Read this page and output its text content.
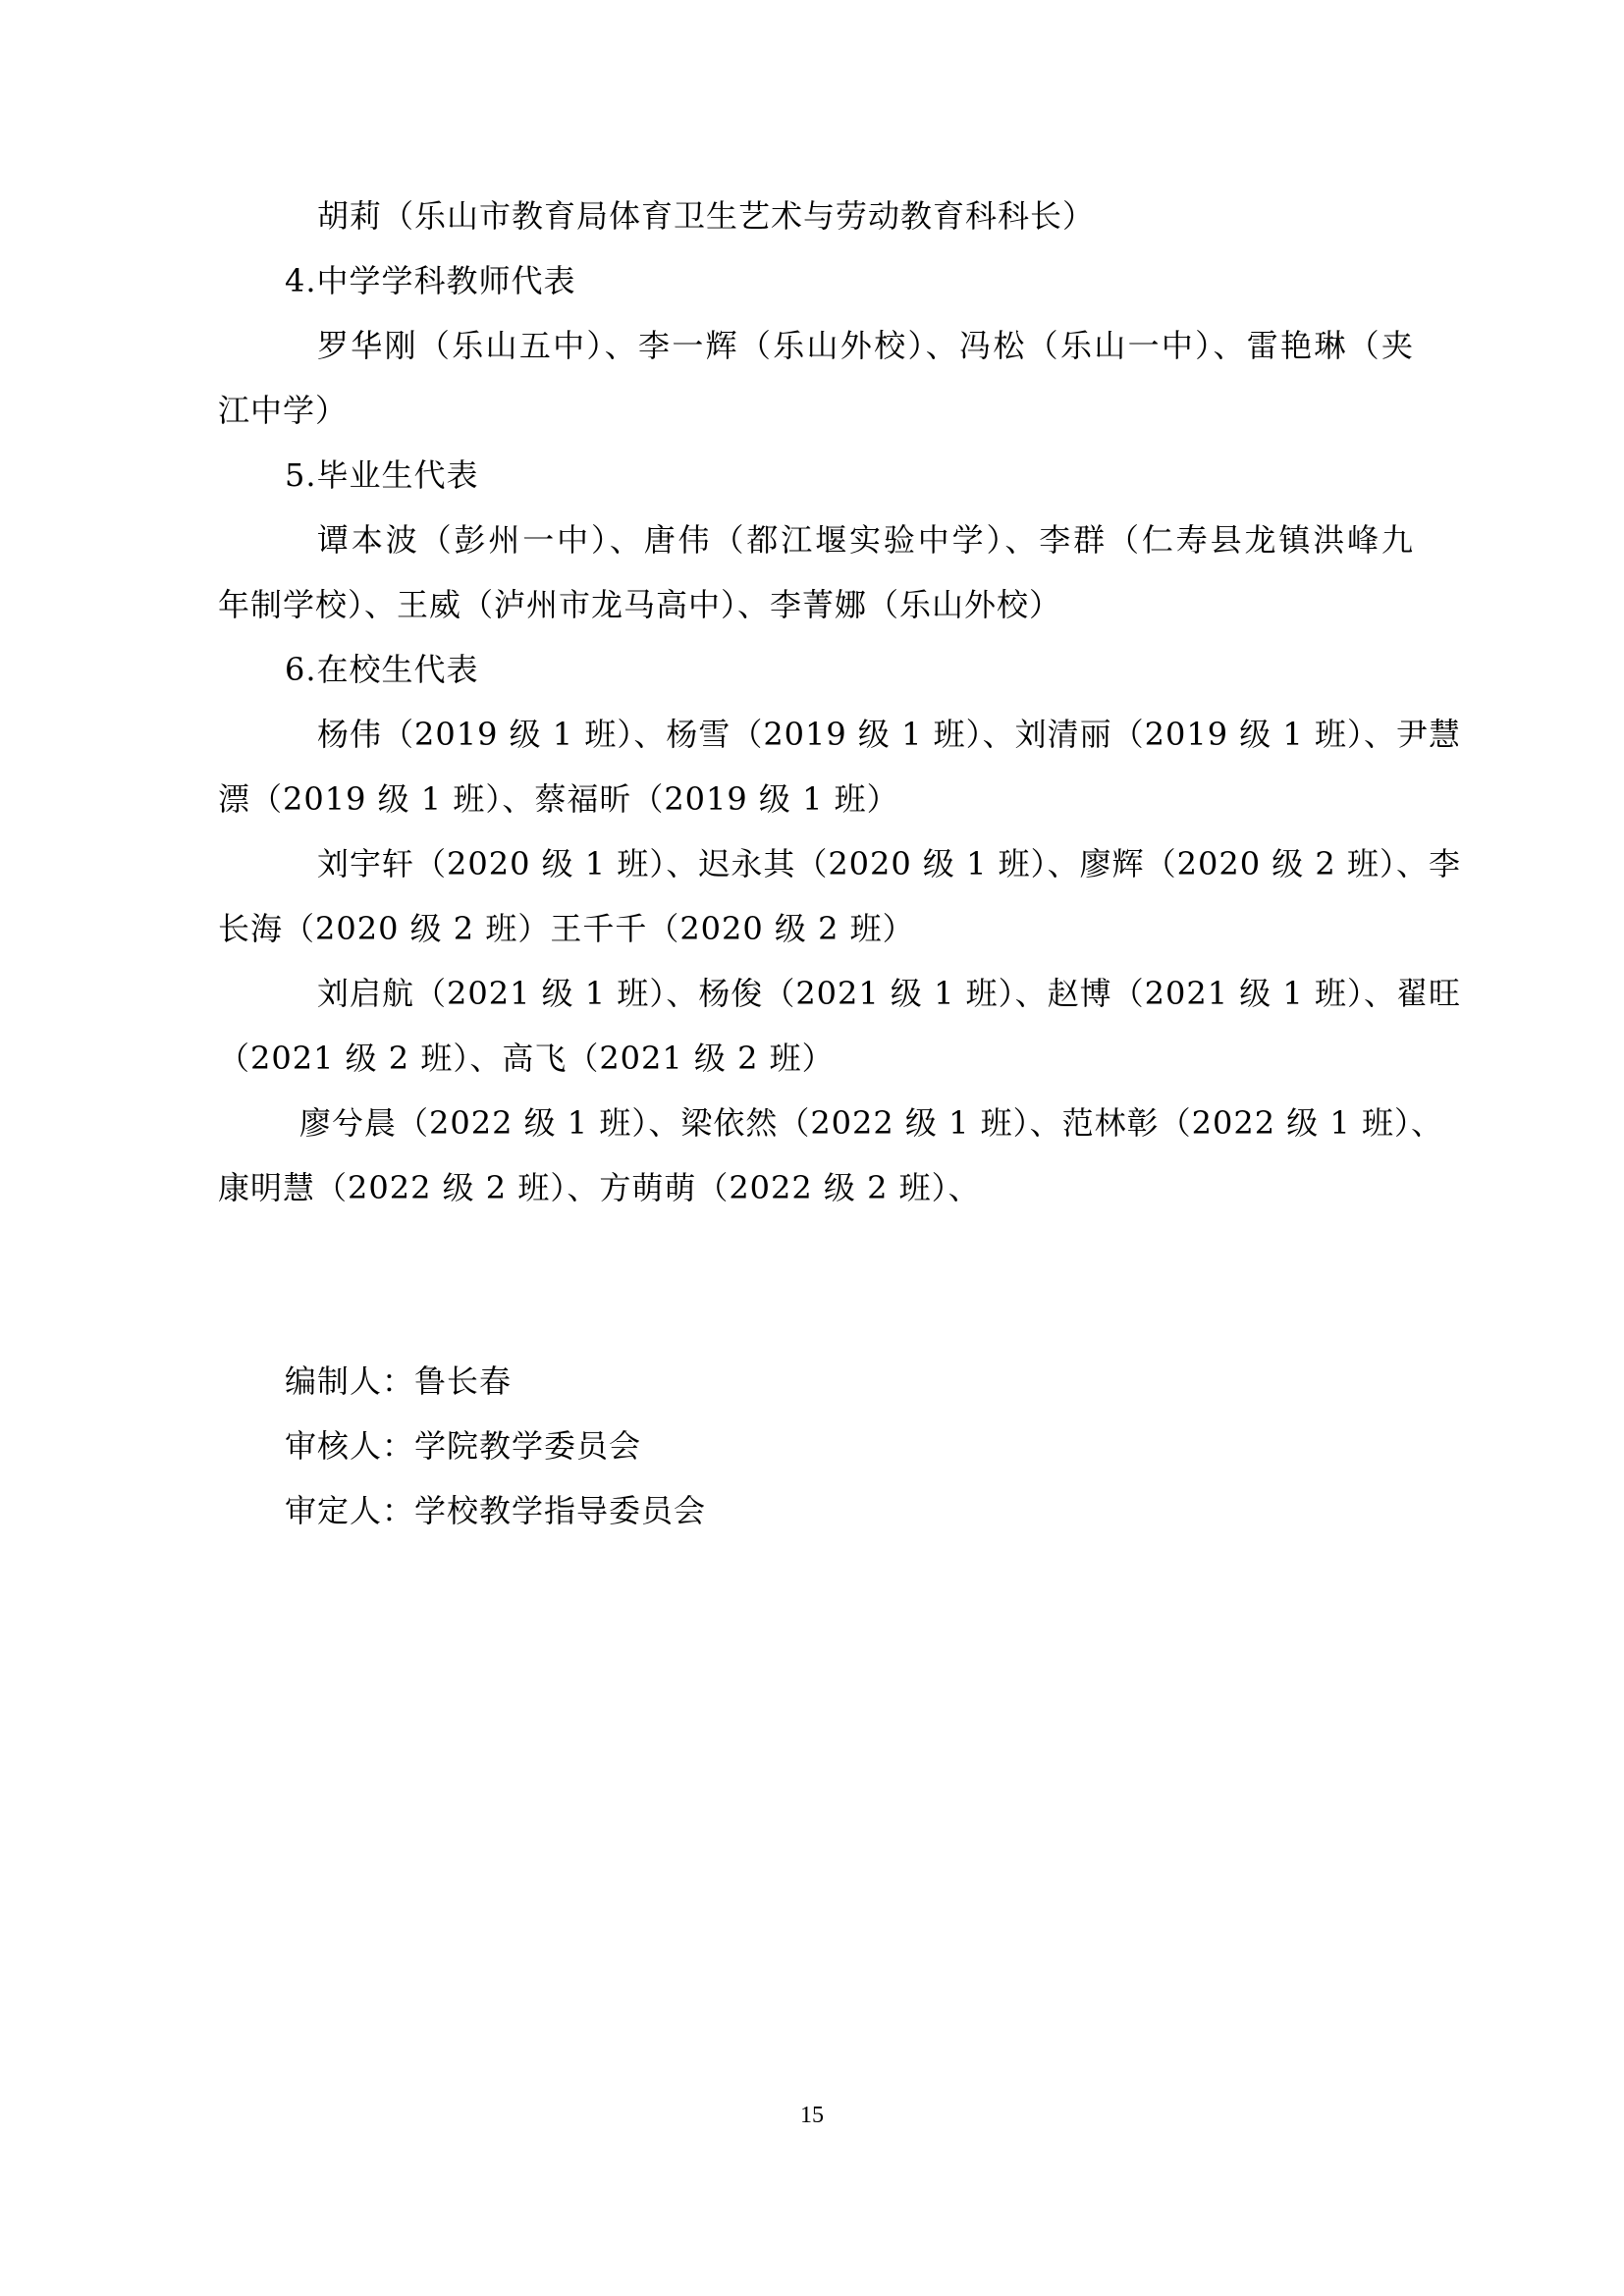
胡莉（乐山市教育局体育卫生艺术与劳动教育科科长）
4.中学学科教师代表
罗华刚（乐山五中）、李一辉（乐山外校）、冯松（乐山一中）、雷艳琳（夹
江中学）
5.毕业生代表
谭本波（彭州一中）、唐伟（都江堰实验中学）、李群（仁寿县龙镇洪峰九
年制学校）、王威（泸州市龙马高中）、李菁娜（乐山外校）
6.在校生代表
杨伟（2019 级 1 班）、杨雪（2019 级 1 班）、刘清丽（2019 级 1 班）、尹慧
漂（2019 级 1 班）、蔡福昕（2019 级 1 班）
刘宇轩（2020 级 1 班）、迟永其（2020 级 1 班）、廖辉（2020 级 2 班）、李
长海（2020 级 2 班）王千千（2020 级 2 班）
刘启航（2021 级 1 班）、杨俊（2021 级 1 班）、赵博（2021 级 1 班）、翟旺
（2021 级 2 班）、高飞（2021 级 2 班）
廖兮晨（2022 级 1 班）、梁依然（2022 级 1 班）、范林彰（2022 级 1 班）、
康明慧（2022 级 2 班）、方萌萌（2022 级 2 班）、
编制人：鲁长春
审核人：学院教学委员会
审定人：学校教学指导委员会
15
